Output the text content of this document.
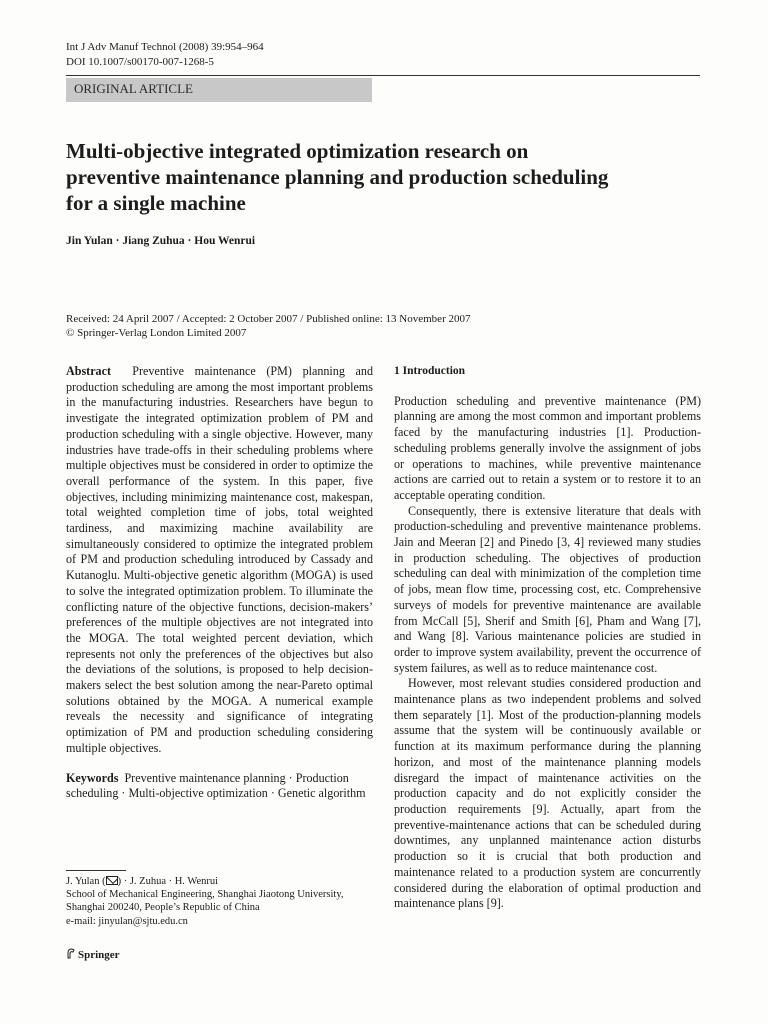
Int J Adv Manuf Technol (2008) 39:954–964
DOI 10.1007/s00170-007-1268-5
ORIGINAL ARTICLE
Multi-objective integrated optimization research on preventive maintenance planning and production scheduling for a single machine
Jin Yulan · Jiang Zuhua · Hou Wenrui
Received: 24 April 2007 / Accepted: 2 October 2007 / Published online: 13 November 2007
© Springer-Verlag London Limited 2007

Abstract Preventive maintenance (PM) planning and production scheduling are among the most important problems in the manufacturing industries. Researchers have begun to investigate the integrated optimization problem of PM and production scheduling with a single objective. However, many industries have trade-offs in their scheduling problems where multiple objectives must be considered in order to optimize the overall performance of the system. In this paper, five objectives, including minimizing maintenance cost, makespan, total weighted completion time of jobs, total weighted tardiness, and maximizing machine availability are simultaneously considered to optimize the integrated problem of PM and production scheduling introduced by Cassady and Kutanoglu. Multi-objective genetic algorithm (MOGA) is used to solve the integrated optimization problem. To illuminate the conflicting nature of the objective functions, decision-makers’ preferences of the multiple objectives are not integrated into the MOGA. The total weighted percent deviation, which represents not only the preferences of the objectives but also the deviations of the solutions, is proposed to help decision-makers select the best solution among the near-Pareto optimal solutions obtained by the MOGA. A numerical example reveals the necessity and significance of integrating optimization of PM and production scheduling considering multiple objectives.

Keywords Preventive maintenance planning · Production scheduling · Multi-objective optimization · Genetic algorithm

J. Yulan ( ) · J. Zuhua · H. Wenrui
School of Mechanical Engineering, Shanghai Jiaotong University,
Shanghai 200240, People’s Republic of China
e-mail: jinyulan@sjtu.edu.cn

1 Introduction

Production scheduling and preventive maintenance (PM) planning are among the most common and important problems faced by the manufacturing industries [1]. Production-scheduling problems generally involve the assignment of jobs or operations to machines, while preventive maintenance actions are carried out to retain a system or to restore it to an acceptable operating condition.

Consequently, there is extensive literature that deals with production-scheduling and preventive maintenance problems. Jain and Meeran [2] and Pinedo [3, 4] reviewed many studies in production scheduling. The objectives of production scheduling can deal with minimization of the completion time of jobs, mean flow time, processing cost, etc. Comprehensive surveys of models for preventive maintenance are available from McCall [5], Sherif and Smith [6], Pham and Wang [7], and Wang [8]. Various maintenance policies are studied in order to improve system availability, prevent the occurrence of system failures, as well as to reduce maintenance cost.

However, most relevant studies considered production and maintenance plans as two independent problems and solved them separately [1]. Most of the production-planning models assume that the system will be continuously available or function at its maximum performance during the planning horizon, and most of the maintenance planning models disregard the impact of maintenance activities on the production capacity and do not explicitly consider the production requirements [9]. Actually, apart from the preventive-maintenance actions that can be scheduled during downtimes, any unplanned maintenance action disturbs production so it is crucial that both production and maintenance related to a production system are concurrently considered during the elaboration of optimal production and maintenance plans [9].

Springer
